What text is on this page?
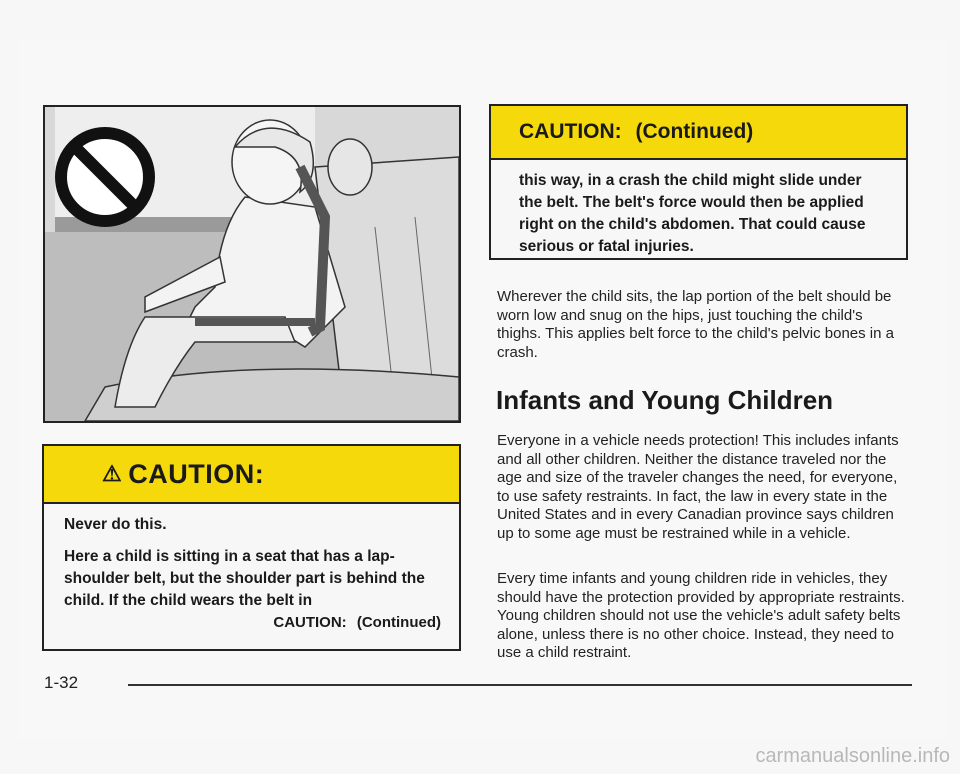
⚠ CAUTION:

Never do this.

Here a child is sitting in a seat that has a lap-shoulder belt, but the shoulder part is behind the child. If the child wears the belt in

CAUTION: (Continued)
CAUTION: (Continued)
this way, in a crash the child might slide under the belt. The belt's force would then be applied right on the child's abdomen. That could cause serious or fatal injuries.

Wherever the child sits, the lap portion of the belt should be worn low and snug on the hips, just touching the child's thighs. This applies belt force to the child's pelvic bones in a crash.

Infants and Young Children

Everyone in a vehicle needs protection! This includes infants and all other children. Neither the distance traveled nor the age and size of the traveler changes the need, for everyone, to use safety restraints. In fact, the law in every state in the United States and in every Canadian province says children up to some age must be restrained while in a vehicle.

Every time infants and young children ride in vehicles, they should have the protection provided by appropriate restraints. Young children should not use the vehicle's adult safety belts alone, unless there is no other choice. Instead, they need to use a child restraint.

1-32
carmanualsonline.info
